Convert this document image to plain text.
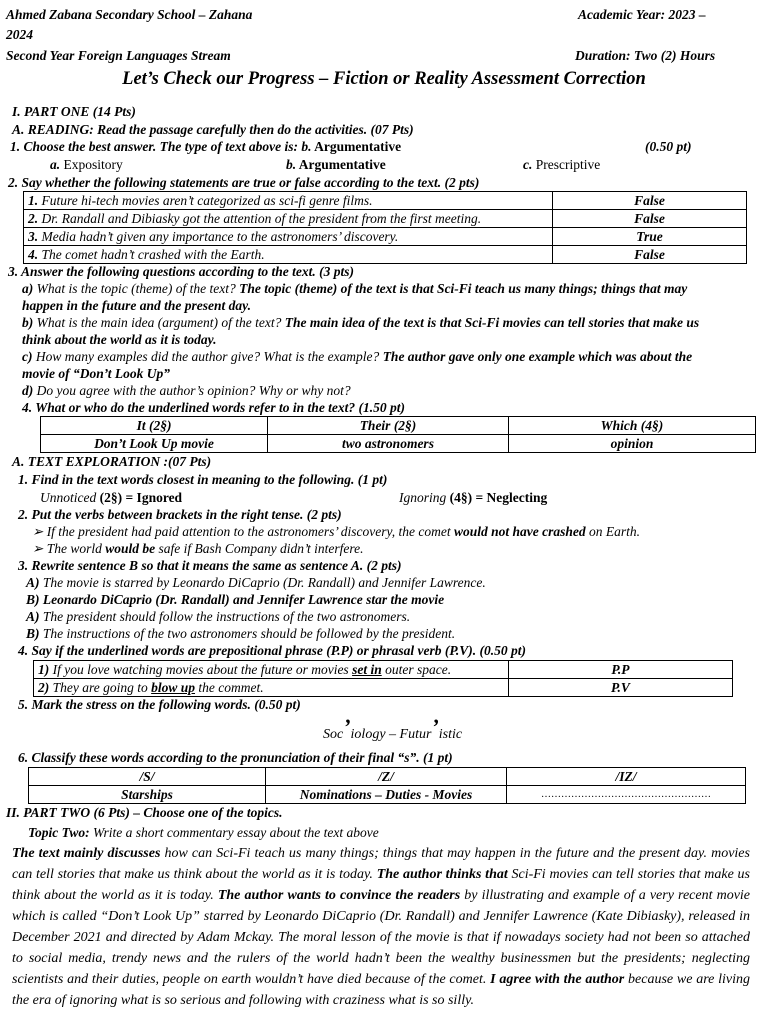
Ahmed Zabana Secondary School – Zahana	Academic Year: 2023 –
2024
Second Year Foreign Languages Stream	Duration: Two (2) Hours
Let’s Check our Progress – Fiction or Reality Assessment Correction
I. PART ONE (14 Pts)
A. READING: Read the passage carefully then do the activities. (07 Pts)
1. Choose the best answer. The type of text above is: b. Argumentative	(0.50 pt)
a. Expository	b. Argumentative	c. Prescriptive
2. Say whether the following statements are true or false according to the text. (2 pts)
1. Future hi-tech movies aren’t categorized as sci-fi genre films.	False
2. Dr. Randall and Dibiasky got the attention of the president from the first meeting.	False
3. Media hadn’t given any importance to the astronomers’ discovery.	True
4. The comet hadn’t crashed with the Earth.	False
3. Answer the following questions according to the text. (3 pts)
a) What is the topic (theme) of the text? The topic (theme) of the text is that Sci-Fi teach us many things; things that may
happen in the future and the present day.
b) What is the main idea (argument) of the text? The main idea of the text is that Sci-Fi movies can tell stories that make us
think about the world as it is today.
c) How many examples did the author give? What is the example? The author gave only one example which was about the
movie of “Don’t Look Up”
d) Do you agree with the author’s opinion? Why or why not?
4. What or who do the underlined words refer to in the text? (1.50 pt)
It (2§)	Their (2§)	Which (4§)
Don’t Look Up movie	two astronomers	opinion
A. TEXT EXPLORATION :(07 Pts)
1. Find in the text words closest in meaning to the following. (1 pt)
Unnoticed (2§) = Ignored	Ignoring (4§) = Neglecting
2. Put the verbs between brackets in the right tense. (2 pts)
➢ If the president had paid attention to the astronomers’ discovery, the comet would not have crashed on Earth.
➢ The world would be safe if Bash Company didn’t interfere.
3. Rewrite sentence B so that it means the same as sentence A. (2 pts)
A) The movie is starred by Leonardo DiCaprio (Dr. Randall) and Jennifer Lawrence.
B) Leonardo DiCaprio (Dr. Randall) and Jennifer Lawrence star the movie
A) The president should follow the instructions of the two astronomers.
B) The instructions of the two astronomers should be followed by the president.
4. Say if the underlined words are prepositional phrase (P.P) or phrasal verb (P.V). (0.50 pt)
1) If you love watching movies about the future or movies set in outer space.	P.P
2) They are going to blow up the commet.	P.V
5. Mark the stress on the following words. (0.50 pt)
Soc’iology – Futur’istic
6. Classify these words according to the pronunciation of their final “s”. (1 pt)
/S/	/Z/	/IZ/
Starships	Nominations – Duties - Movies	……………………………………………
II. PART TWO (6 Pts) – Choose one of the topics.
Topic Two: Write a short commentary essay about the text above
The text mainly discusses how can Sci-Fi teach us many things; things that may happen in the future and the present day. movies can tell stories that make us think about the world as it is today. The author thinks that Sci-Fi movies can tell stories that make us think about the world as it is today. The author wants to convince the readers by illustrating and example of a very recent movie which is called “Don’t Look Up” starred by Leonardo DiCaprio (Dr. Randall) and Jennifer Lawrence (Kate Dibiasky), released in December 2021 and directed by Adam Mckay. The moral lesson of the movie is that if nowadays society had not been so attached to social media, trendy news and the rulers of the world hadn’t been the wealthy businessmen but the presidents; neglecting scientists and their duties, people on earth wouldn’t have died because of the comet. I agree with the author because we are living the era of ignoring what is so serious and following with craziness what is so silly.
